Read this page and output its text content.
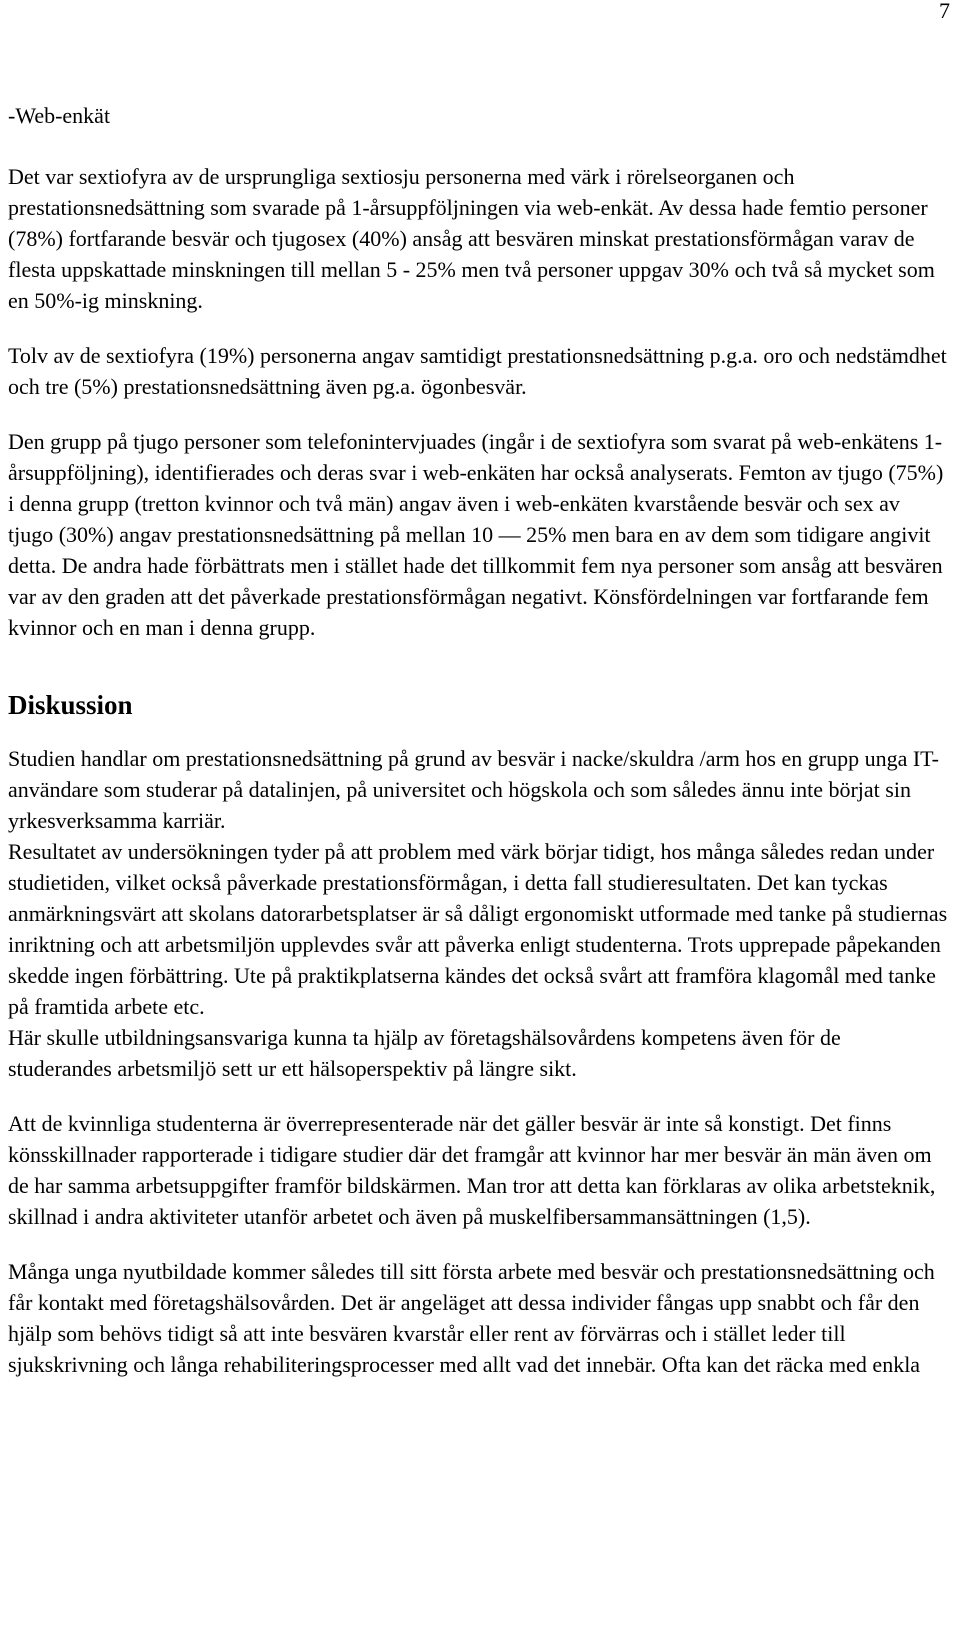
7

-Web-enkät

Det var sextiofyra av de ursprungliga sextiosju personerna med värk i rörelseorganen och prestationsnedsättning som svarade på 1-årsuppföljningen via web-enkät. Av dessa hade femtio personer (78%) fortfarande besvär och tjugosex (40%) ansåg att besvären minskat prestationsförmågan varav de flesta uppskattade minskningen till mellan 5 - 25% men två personer uppgav 30% och två så mycket som en 50%-ig minskning.

Tolv av de sextiofyra (19%) personerna angav samtidigt prestationsnedsättning p.g.a. oro och nedstämdhet och tre (5%) prestationsnedsättning även pg.a. ögonbesvär.

Den grupp på tjugo personer som telefonintervjuades (ingår i de sextiofyra som svarat på web-enkätens 1- årsuppföljning), identifierades och deras svar i web-enkäten har också analyserats. Femton av tjugo (75%) i denna grupp (tretton kvinnor och två män) angav även i web-enkäten kvarstående besvär och sex av tjugo (30%) angav prestationsnedsättning på mellan 10 — 25% men bara en av dem som tidigare angivit detta. De andra hade förbättrats men i stället hade det tillkommit fem nya personer som ansåg att besvären var av den graden att det påverkade prestationsförmågan negativt. Könsfördelningen var fortfarande fem kvinnor och en man i denna grupp.

Diskussion

Studien handlar om prestationsnedsättning på grund av besvär i nacke/skuldra /arm hos en grupp unga IT-användare som studerar på datalinjen, på universitet och högskola och som således ännu inte börjat sin yrkesverksamma karriär.

Resultatet av undersökningen tyder på att problem med värk börjar tidigt, hos många således redan under studietiden, vilket också påverkade prestationsförmågan, i detta fall studieresultaten. Det kan tyckas anmärkningsvärt att skolans datorarbetsplatser är så dåligt ergonomiskt utformade med tanke på studiernas inriktning och att arbetsmiljön upplevdes svår att påverka enligt studenterna. Trots upprepade påpekanden skedde ingen förbättring. Ute på praktikplatserna kändes det också svårt att framföra klagomål med tanke på framtida arbete etc.

Här skulle utbildningsansvariga kunna ta hjälp av företagshälsovårdens kompetens även för de studerandes arbetsmiljö sett ur ett hälsoperspektiv på längre sikt.

Att de kvinnliga studenterna är överrepresenterade när det gäller besvär är inte så konstigt. Det finns könsskillnader rapporterade i tidigare studier där det framgår att kvinnor har mer besvär än män även om de har samma arbetsuppgifter framför bildskärmen. Man tror att detta kan förklaras av olika arbetsteknik, skillnad i andra aktiviteter utanför arbetet och även på muskelfibersammansättningen (1,5).

Många unga nyutbildade kommer således till sitt första arbete med besvär och prestationsnedsättning och får kontakt med företagshälsovården. Det är angeläget att dessa individer fångas upp snabbt och får den hjälp som behövs tidigt så att inte besvären kvarstår eller rent av förvärras och i stället leder till sjukskrivning och långa rehabiliteringsprocesser med allt vad det innebär. Ofta kan det räcka med enkla
